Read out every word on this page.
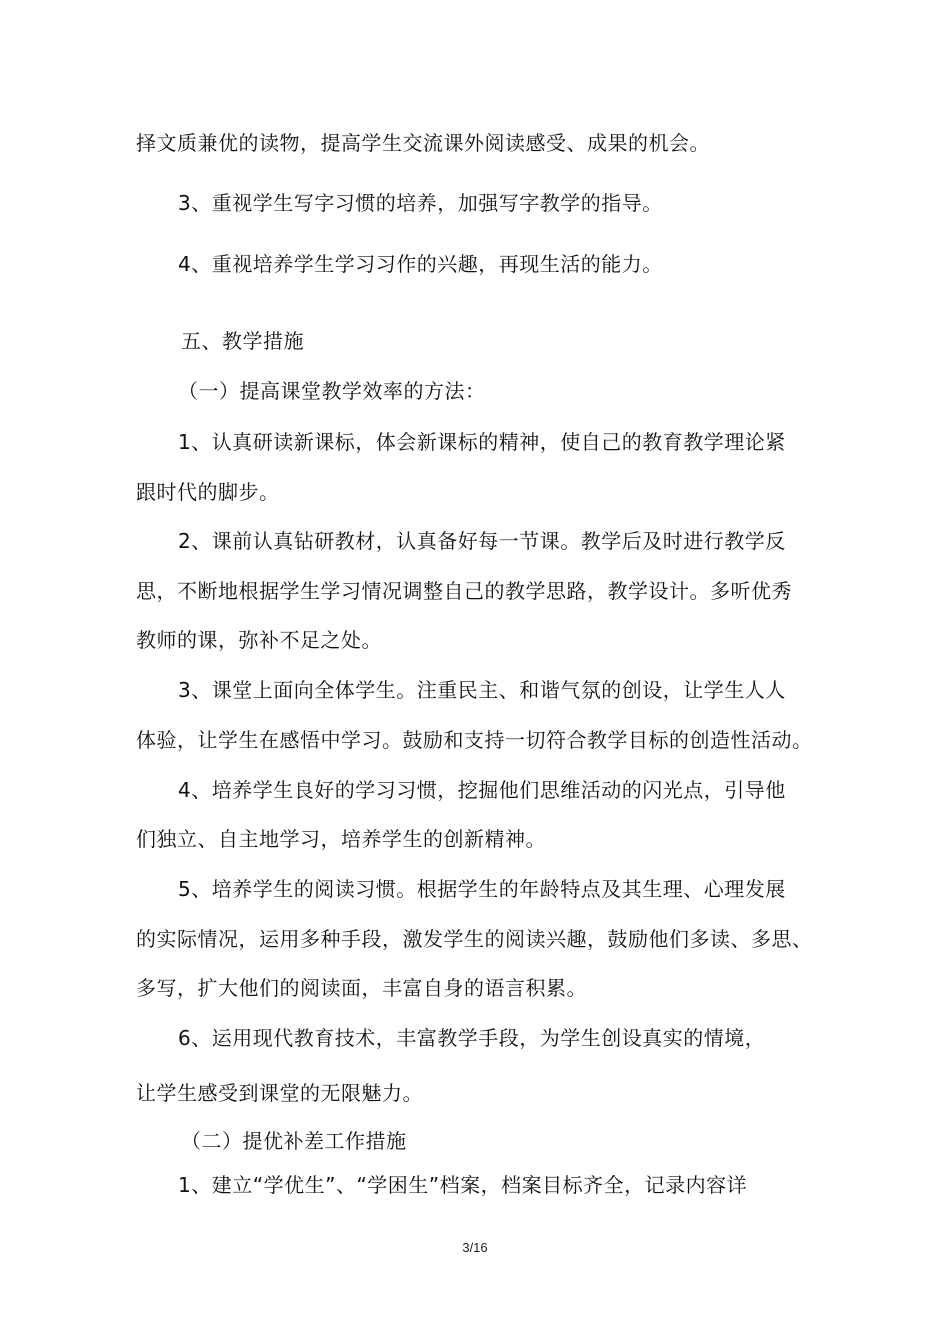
择文质兼优的读物，提高学生交流课外阅读感受、成果的机会。
3、重视学生写字习惯的培养，加强写字教学的指导。
4、重视培养学生学习习作的兴趣，再现生活的能力。
五、教学措施
（一）提高课堂教学效率的方法：
1、认真研读新课标，体会新课标的精神，使自己的教育教学理论紧
跟时代的脚步。
2、课前认真钻研教材，认真备好每一节课。教学后及时进行教学反
思，不断地根据学生学习情况调整自己的教学思路，教学设计。多听优秀
教师的课，弥补不足之处。
3、课堂上面向全体学生。注重民主、和谐气氛的创设，让学生人人
体验，让学生在感悟中学习。鼓励和支持一切符合教学目标的创造性活动。
4、培养学生良好的学习习惯，挖掘他们思维活动的闪光点，引导他
们独立、自主地学习，培养学生的创新精神。
5、培养学生的阅读习惯。根据学生的年龄特点及其生理、心理发展
的实际情况，运用多种手段，激发学生的阅读兴趣，鼓励他们多读、多思、
多写，扩大他们的阅读面，丰富自身的语言积累。
6、运用现代教育技术，丰富教学手段，为学生创设真实的情境，
让学生感受到课堂的无限魅力。
（二）提优补差工作措施
1、建立“学优生”、“学困生”档案，档案目标齐全，记录内容详
3/16
